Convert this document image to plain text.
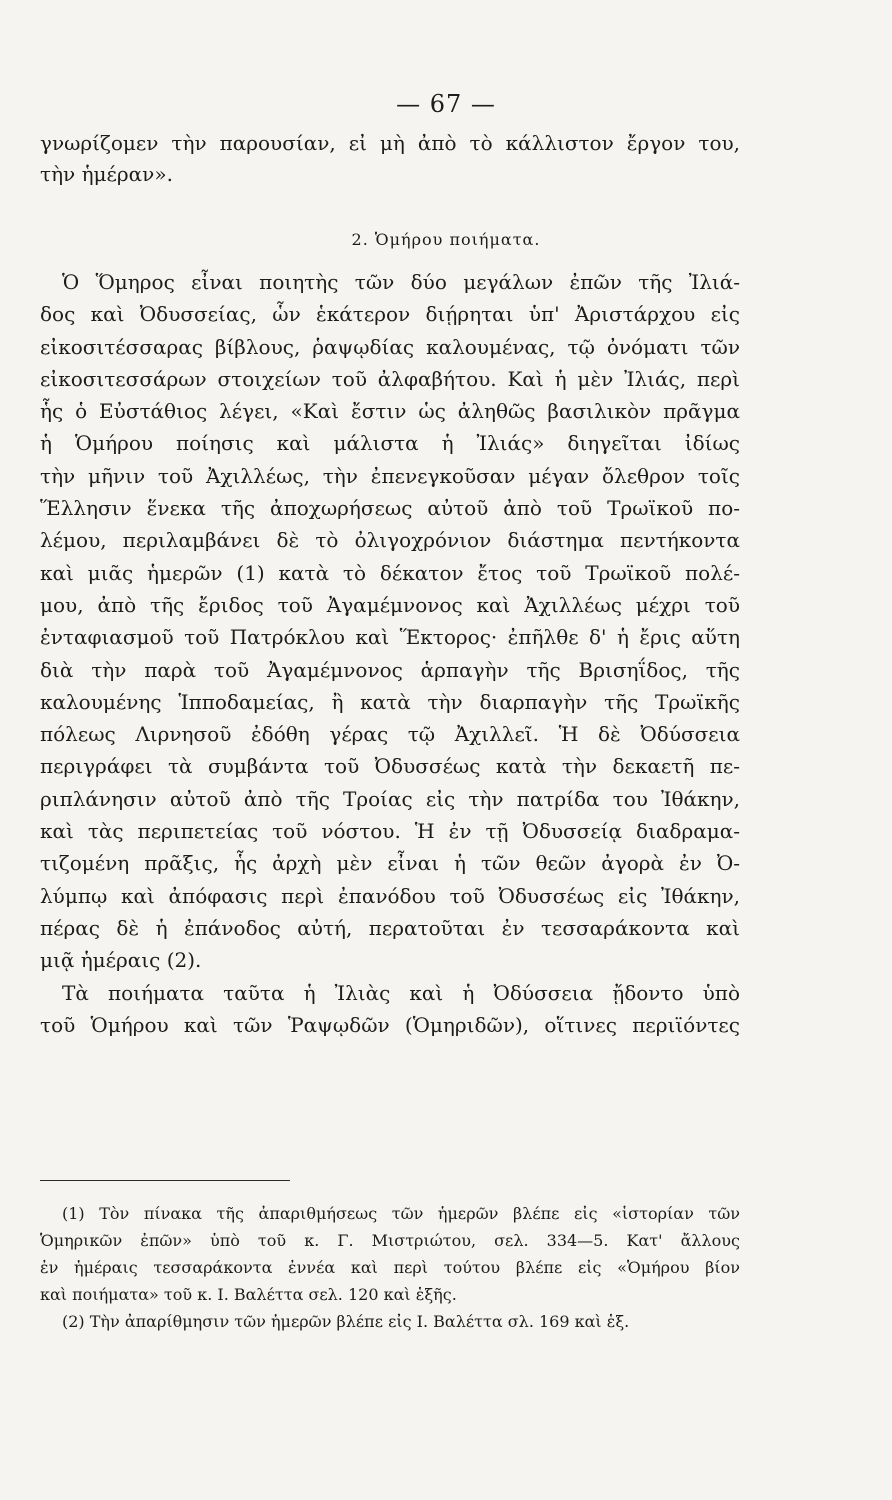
— 67 —
γνωρίζομεν τὴν παρουσίαν, εἰ μὴ ἀπὸ τὸ κάλλιστον ἔργον του,
τὴν ἡμέραν».
2. Ὁμήρου ποιήματα.
Ὁ Ὅμηρος εἶναι ποιητὴς τῶν δύο μεγάλων ἐπῶν τῆς Ἰλιά-
δος καὶ Ὀδυσσείας, ὧν ἑκάτερον διῄρηται ὑπ' Ἀριστάρχου εἰς
εἰκοσιτέσσαρας βίβλους, ῥαψῳδίας καλουμένας, τῷ ὀνόματι τῶν
εἰκοσιτεσσάρων στοιχείων τοῦ ἀλφαβήτου. Καὶ ἡ μὲν Ἰλιάς, περὶ
ἧς ὁ Εὐστάθιος λέγει, «Καὶ ἔστιν ὡς ἀληθῶς βασιλικὸν πρᾶγμα
ἡ Ὁμήρου ποίησις καὶ μάλιστα ἡ Ἰλιάς» διηγεῖται ἰδίως
τὴν μῆνιν τοῦ Ἀχιλλέως, τὴν ἐπενεγκοῦσαν μέγαν ὄλεθρον τοῖς
Ἕλλησιν ἕνεκα τῆς ἀποχωρήσεως αὐτοῦ ἀπὸ τοῦ Τρωϊκοῦ πο-
λέμου, περιλαμβάνει δὲ τὸ ὀλιγοχρόνιον διάστημα πεντήκοντα
καὶ μιᾶς ἡμερῶν (1) κατὰ τὸ δέκατον ἔτος τοῦ Τρωϊκοῦ πολέ-
μου, ἀπὸ τῆς ἔριδος τοῦ Ἀγαμέμνονος καὶ Ἀχιλλέως μέχρι τοῦ
ἐνταφιασμοῦ τοῦ Πατρόκλου καὶ Ἕκτορος· ἐπῆλθε δ' ἡ ἔρις αὕτη
διὰ τὴν παρὰ τοῦ Ἀγαμέμνονος ἁρπαγὴν τῆς Βρισηΐδος, τῆς
καλουμένης Ἱπποδαμείας, ἢ κατὰ τὴν διαρπαγὴν τῆς Τρωϊκῆς
πόλεως Λιρνησοῦ ἐδόθη γέρας τῷ Ἀχιλλεῖ. Ἡ δὲ Ὀδύσσεια
περιγράφει τὰ συμβάντα τοῦ Ὀδυσσέως κατὰ τὴν δεκαετῆ πε-
ριπλάνησιν αὐτοῦ ἀπὸ τῆς Τροίας εἰς τὴν πατρίδα του Ἰθάκην,
καὶ τὰς περιπετείας τοῦ νόστου. Ἡ ἐν τῇ Ὀδυσσείᾳ διαδραμα-
τιζομένη πρᾶξις, ἧς ἀρχὴ μὲν εἶναι ἡ τῶν θεῶν ἀγορὰ ἐν Ὀ-
λύμπῳ καὶ ἀπόφασις περὶ ἐπανόδου τοῦ Ὀδυσσέως εἰς Ἰθάκην,
πέρας δὲ ἡ ἐπάνοδος αὐτή, περατοῦται ἐν τεσσαράκοντα καὶ
μιᾷ ἡμέραις (2).
Τὰ ποιήματα ταῦτα ἡ Ἰλιὰς καὶ ἡ Ὀδύσσεια ᾔδοντο ὑπὸ
τοῦ Ὁμήρου καὶ τῶν Ῥαψῳδῶν (Ὁμηριδῶν), οἵτινες περιϊόντες
(1) Τὸν πίνακα τῆς ἀπαριθμήσεως τῶν ἡμερῶν βλέπε εἰς «ἱστορίαν τῶν
Ὁμηρικῶν ἐπῶν» ὑπὸ τοῦ κ. Γ. Μιστριώτου, σελ. 334—5. Κατ' ἄλλους
ἐν ἡμέραις τεσσαράκοντα ἐννέα καὶ περὶ τούτου βλέπε εἰς «Ὁμήρου βίον
καὶ ποιήματα» τοῦ κ. Ι. Βαλέττα σελ. 120 καὶ ἑξῆς.
(2) Τὴν ἀπαρίθμησιν τῶν ἡμερῶν βλέπε εἰς Ι. Βαλέττα σλ. 169 καὶ ἑξ.
